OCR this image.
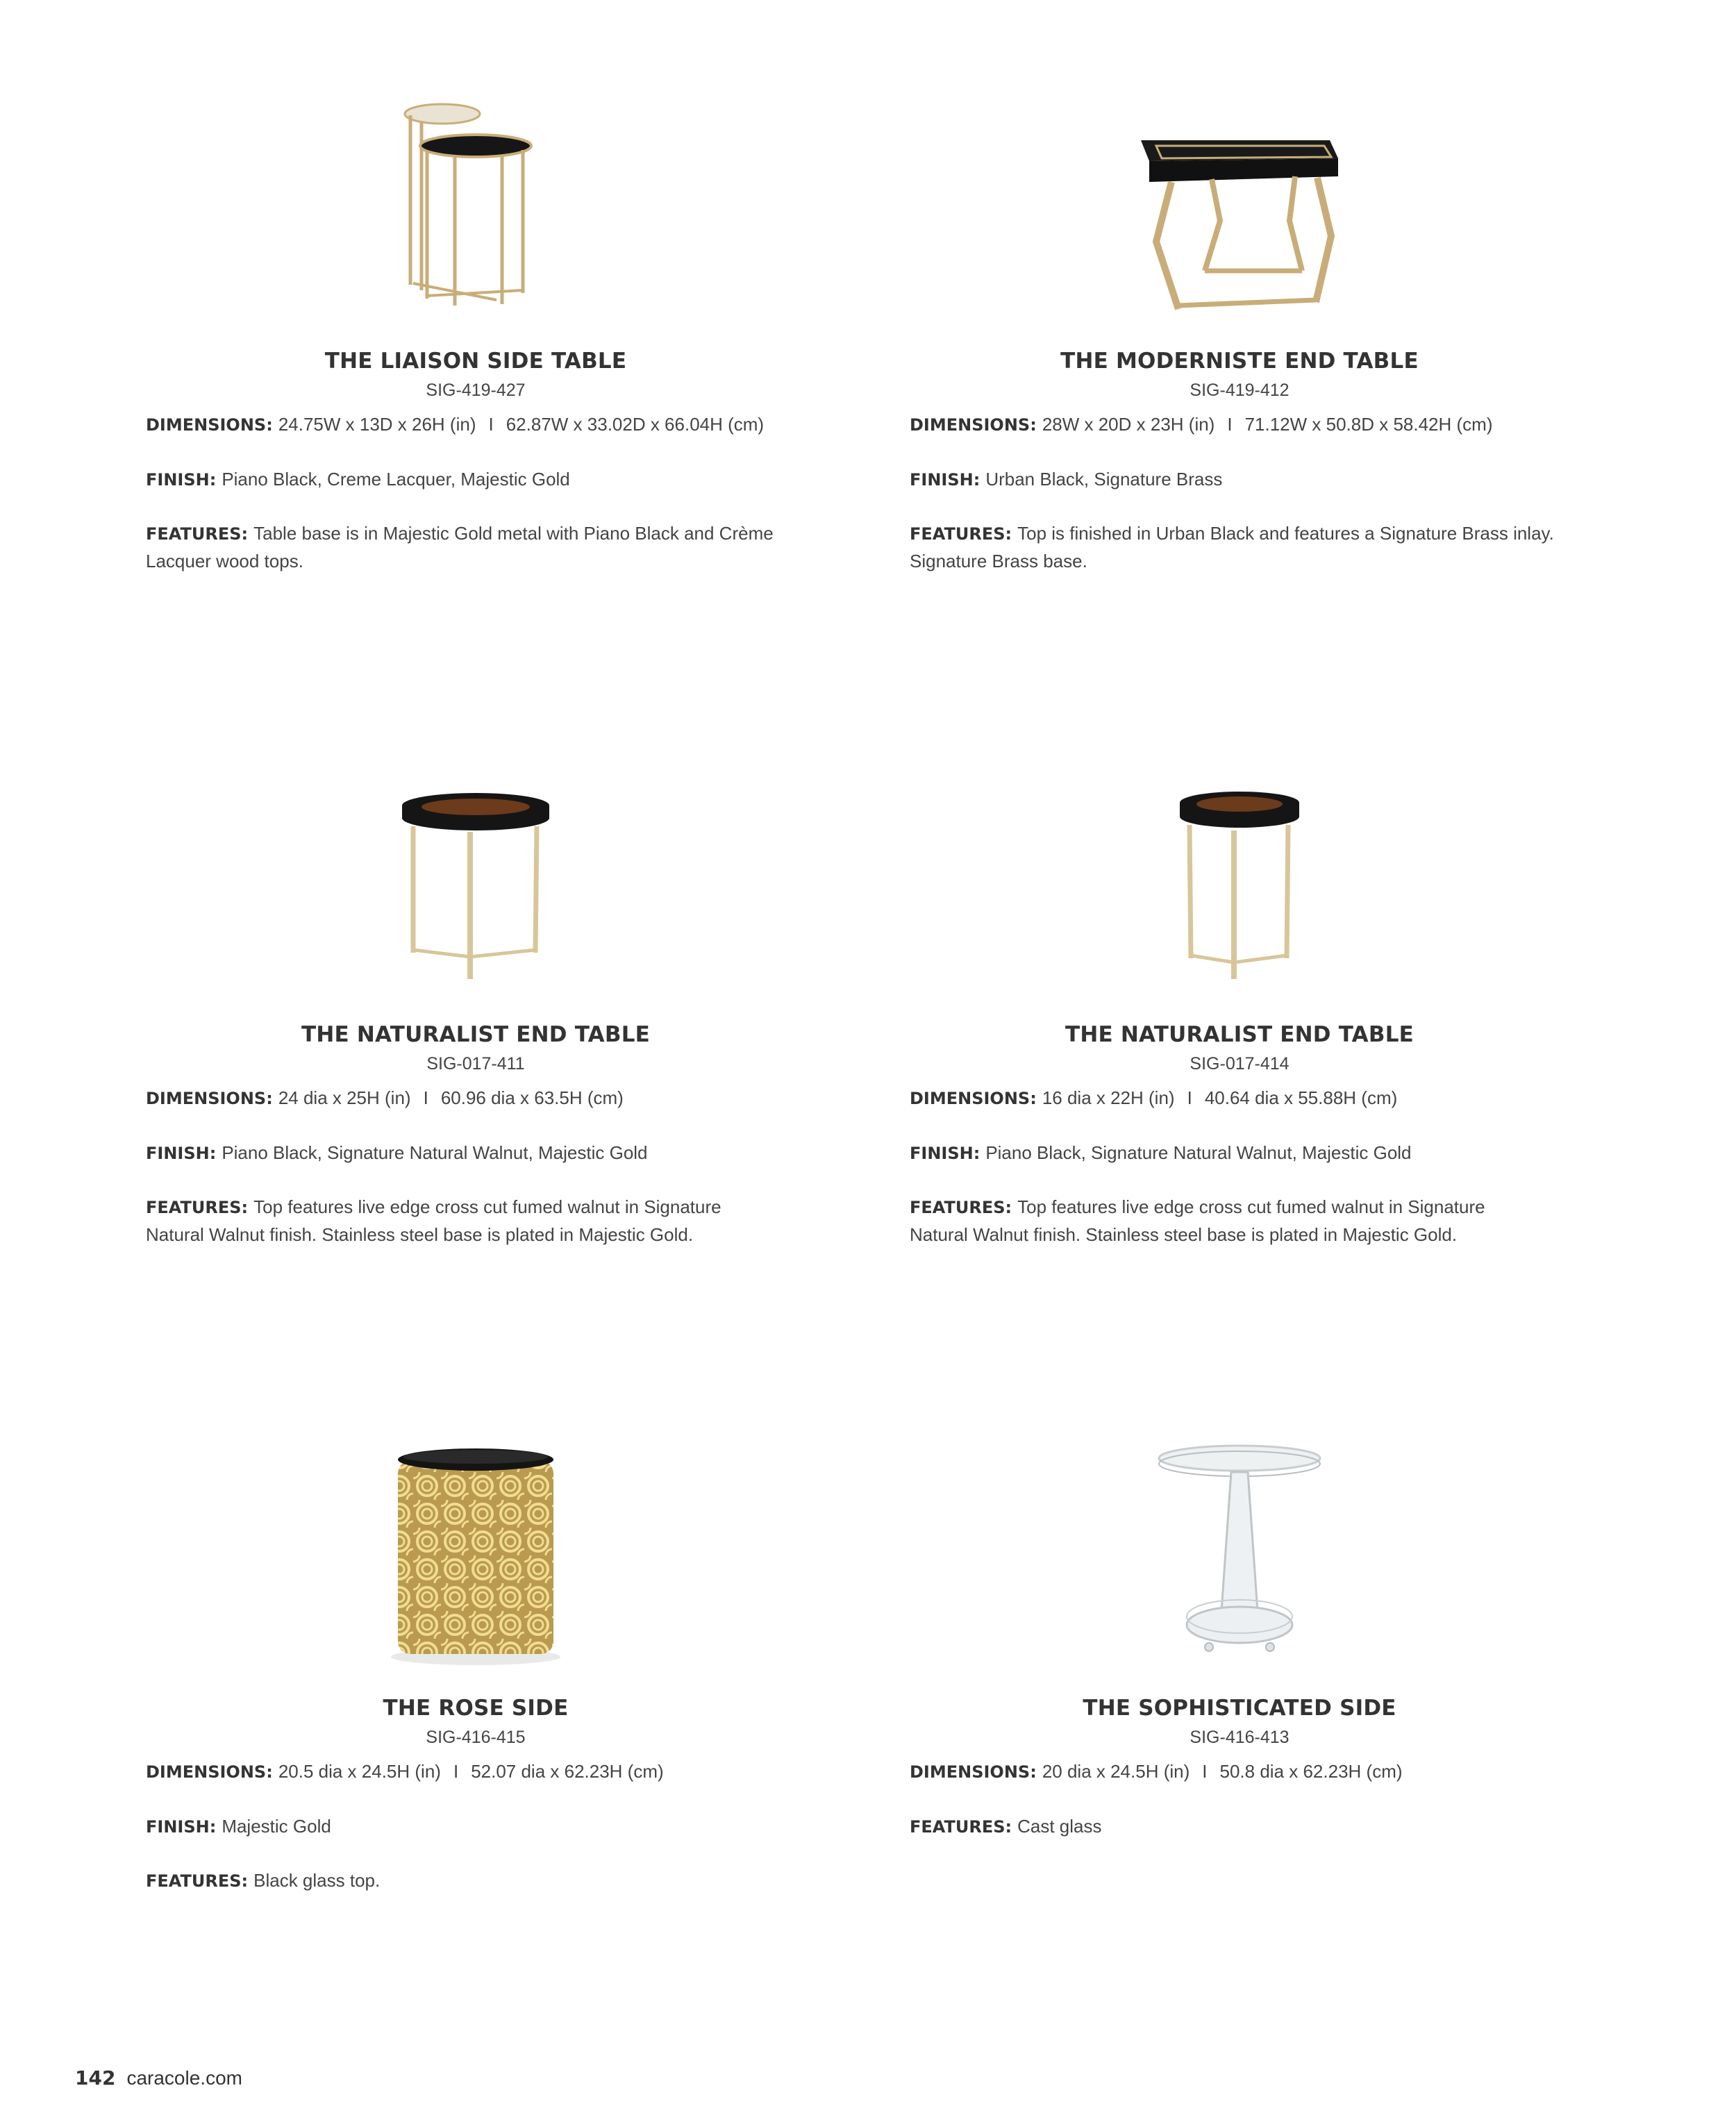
THE LIAISON SIDE TABLE
SIG-419-427
DIMENSIONS: 24.75W x 13D x 26H (in) I 62.87W x 33.02D x 66.04H (cm)
FINISH: Piano Black, Creme Lacquer, Majestic Gold
FEATURES: Table base is in Majestic Gold metal with Piano Black and Crème
Lacquer wood tops.
THE MODERNISTE END TABLE
SIG-419-412
DIMENSIONS: 28W x 20D x 23H (in) I 71.12W x 50.8D x 58.42H (cm)
FINISH: Urban Black, Signature Brass
FEATURES: Top is finished in Urban Black and features a Signature Brass inlay.
Signature Brass base.
THE NATURALIST END TABLE
SIG-017-411
DIMENSIONS: 24 dia x 25H (in) I 60.96 dia x 63.5H (cm)
FINISH: Piano Black, Signature Natural Walnut, Majestic Gold
FEATURES: Top features live edge cross cut fumed walnut in Signature
Natural Walnut finish. Stainless steel base is plated in Majestic Gold.
THE NATURALIST END TABLE
SIG-017-414
DIMENSIONS: 16 dia x 22H (in) I 40.64 dia x 55.88H (cm)
FINISH: Piano Black, Signature Natural Walnut, Majestic Gold
FEATURES: Top features live edge cross cut fumed walnut in Signature
Natural Walnut finish. Stainless steel base is plated in Majestic Gold.
THE ROSE SIDE
SIG-416-415
DIMENSIONS: 20.5 dia x 24.5H (in) I 52.07 dia x 62.23H (cm)
FINISH: Majestic Gold
FEATURES: Black glass top.
THE SOPHISTICATED SIDE
SIG-416-413
DIMENSIONS: 20 dia x 24.5H (in) I 50.8 dia x 62.23H (cm)
FEATURES: Cast glass
142 caracole.com
